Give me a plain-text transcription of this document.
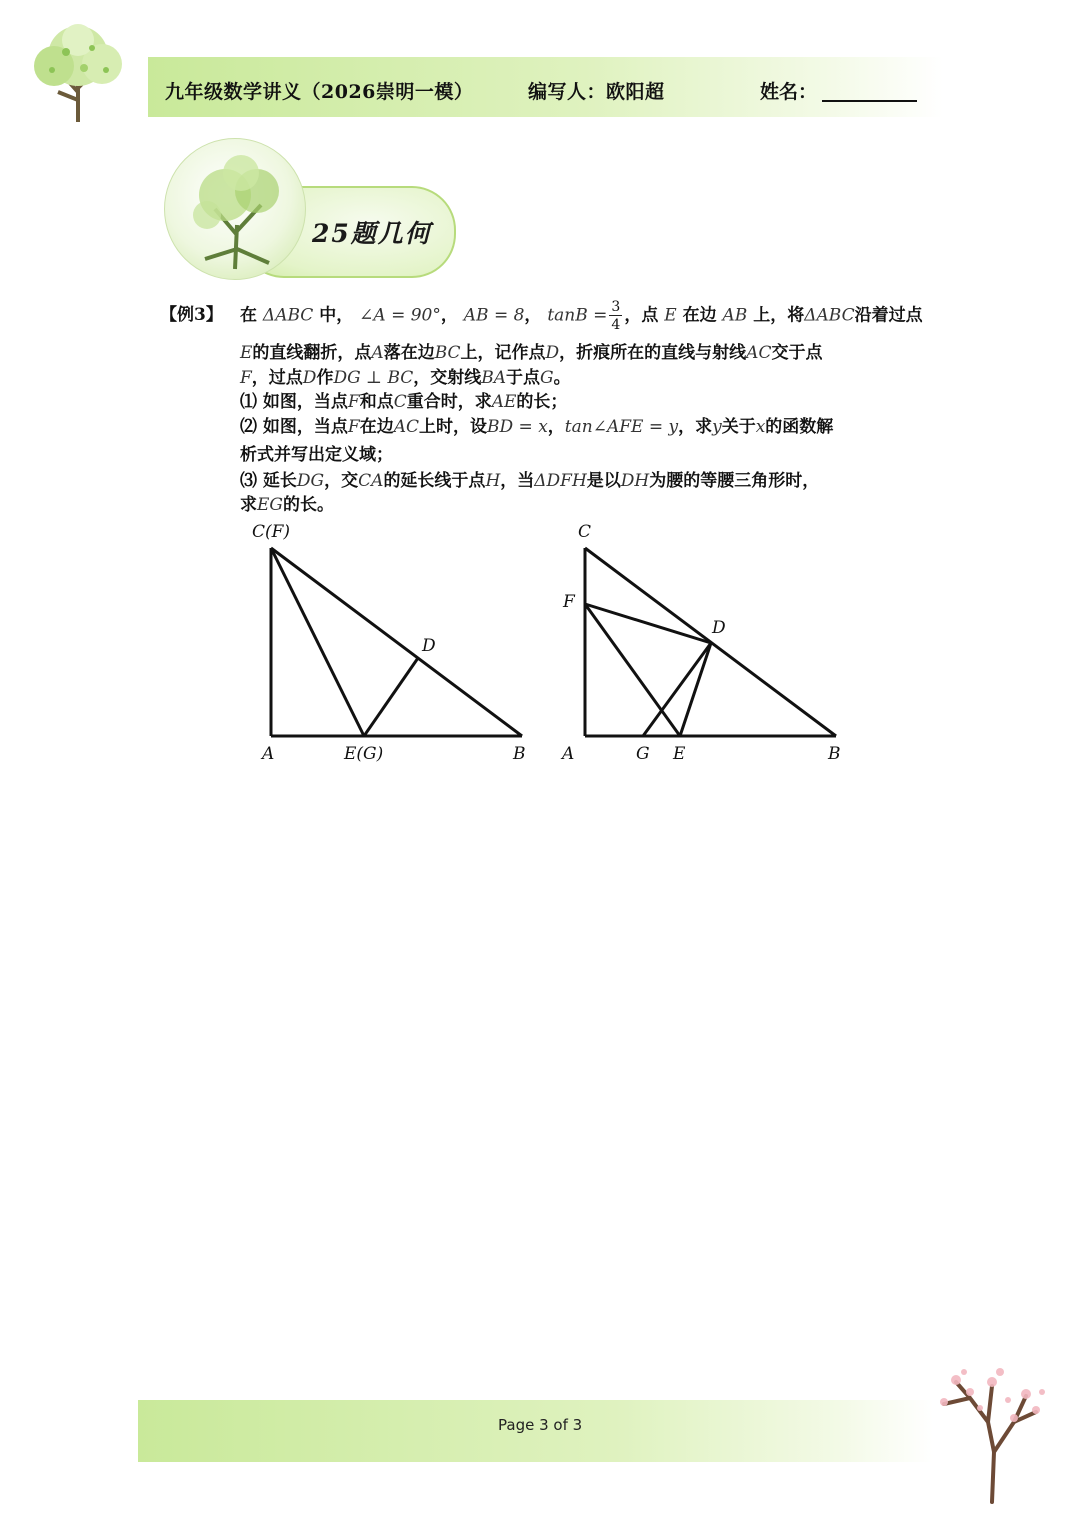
九年级数学讲义（2026崇明一模）	编写人：欧阳超	姓名：
25题几何
【例3】 在 ΔABC 中， ∠A = 90°， AB = 8， $\tan B = \frac{3}{4}$ ，点 E 在边 AB 上，将ΔABC沿着过点
E的直线翻折，点A落在边BC上，记作点D，折痕所在的直线与射线AC交于点
F，过点D作DG ⊥ BC，交射线BA于点G。
⑴ 如图，当点F和点C重合时，求AE的长；
⑵ 如图，当点F在边AC上时，设BD = x，tan∠AFE = y，求y关于x的函数解
析式并写出定义域；
⑶ 延长DG，交CA的延长线于点H，当ΔDFH是以DH为腰的等腰三角形时，
求EG的长。
C(F)
A	E(G)	B
D
C
F
D
A	G E	B
Page 3 of 3
